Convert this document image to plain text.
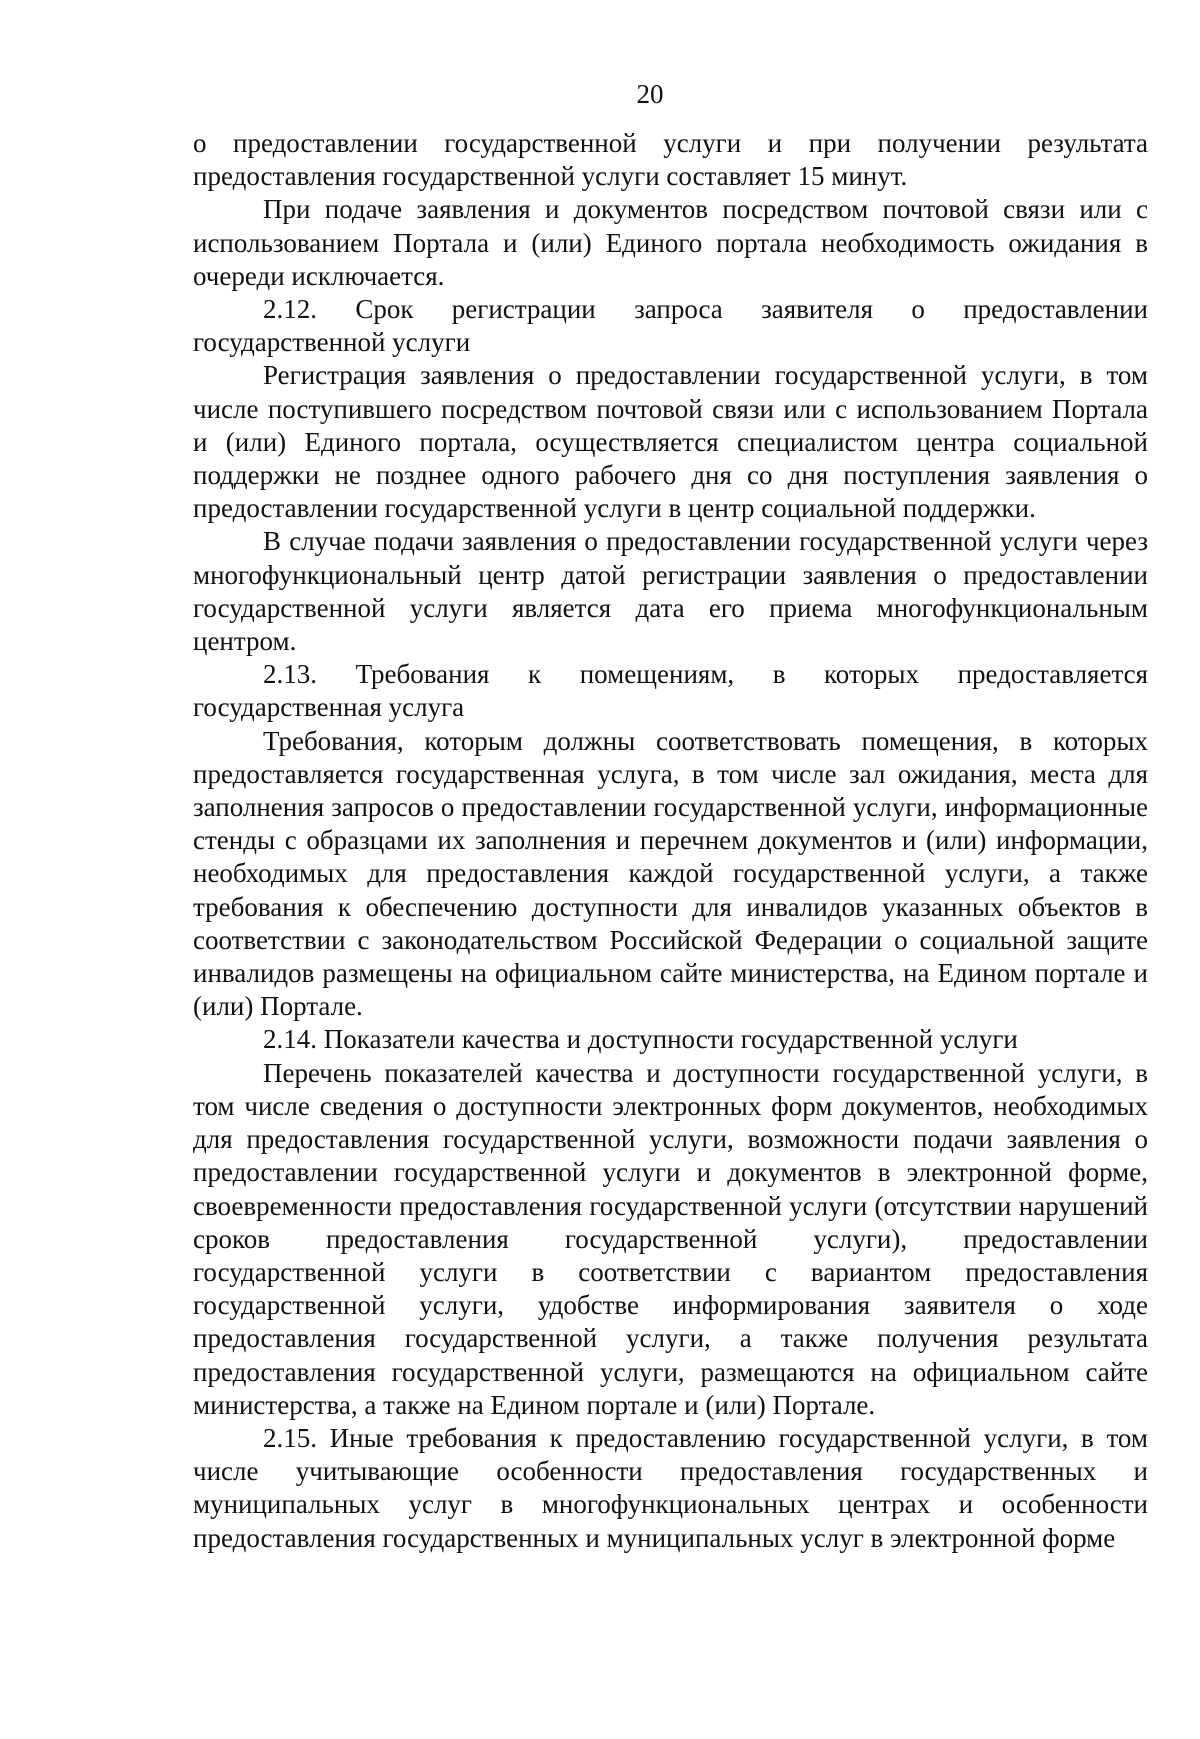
20

о предоставлении государственной услуги и при получении результата предоставления государственной услуги составляет 15 минут.

При подаче заявления и документов посредством почтовой связи или с использованием Портала и (или) Единого портала необходимость ожидания в очереди исключается.

2.12. Срок регистрации запроса заявителя о предоставлении государственной услуги

Регистрация заявления о предоставлении государственной услуги, в том числе поступившего посредством почтовой связи или с использованием Портала и (или) Единого портала, осуществляется специалистом центра социальной поддержки не позднее одного рабочего дня со дня поступления заявления о предоставлении государственной услуги в центр социальной поддержки.

В случае подачи заявления о предоставлении государственной услуги через многофункциональный центр датой регистрации заявления о предоставлении государственной услуги является дата его приема многофункциональным центром.

2.13. Требования к помещениям, в которых предоставляется государственная услуга

Требования, которым должны соответствовать помещения, в которых предоставляется государственная услуга, в том числе зал ожидания, места для заполнения запросов о предоставлении государственной услуги, информационные стенды с образцами их заполнения и перечнем документов и (или) информации, необходимых для предоставления каждой государственной услуги, а также требования к обеспечению доступности для инвалидов указанных объектов в соответствии с законодательством Российской Федерации о социальной защите инвалидов размещены на официальном сайте министерства, на Едином портале и (или) Портале.

2.14. Показатели качества и доступности государственной услуги

Перечень показателей качества и доступности государственной услуги, в том числе сведения о доступности электронных форм документов, необходимых для предоставления государственной услуги, возможности подачи заявления о предоставлении государственной услуги и документов в электронной форме, своевременности предоставления государственной услуги (отсутствии нарушений сроков предоставления государственной услуги), предоставлении государственной услуги в соответствии с вариантом предоставления государственной услуги, удобстве информирования заявителя о ходе предоставления государственной услуги, а также получения результата предоставления государственной услуги, размещаются на официальном сайте министерства, а также на Едином портале и (или) Портале.

2.15. Иные требования к предоставлению государственной услуги, в том числе учитывающие особенности предоставления государственных и муниципальных услуг в многофункциональных центрах и особенности предоставления государственных и муниципальных услуг в электронной форме
